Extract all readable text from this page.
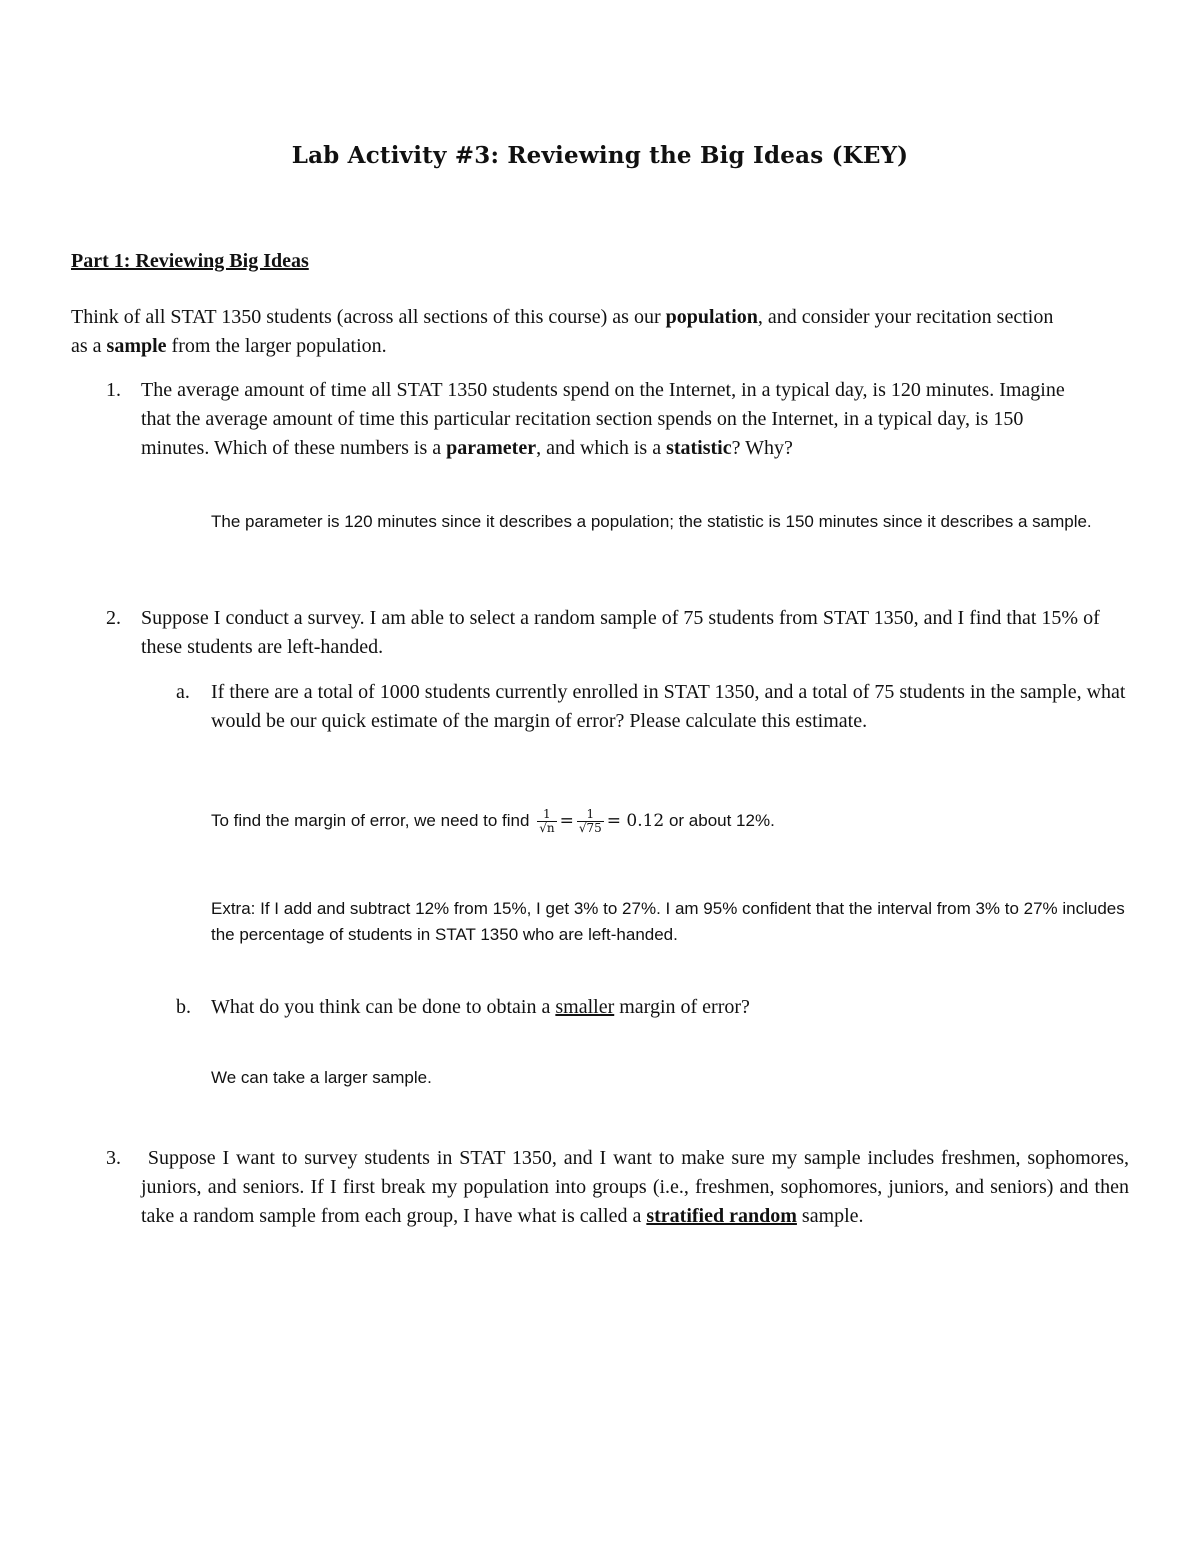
Lab Activity #3: Reviewing the Big Ideas (KEY)
Part 1: Reviewing Big Ideas
Think of all STAT 1350 students (across all sections of this course) as our population, and consider your recitation section as a sample from the larger population.
1. The average amount of time all STAT 1350 students spend on the Internet, in a typical day, is 120 minutes. Imagine that the average amount of time this particular recitation section spends on the Internet, in a typical day, is 150 minutes. Which of these numbers is a parameter, and which is a statistic? Why?
The parameter is 120 minutes since it describes a population; the statistic is 150 minutes since it describes a sample.
2. Suppose I conduct a survey. I am able to select a random sample of 75 students from STAT 1350, and I find that 15% of these students are left-handed.
a. If there are a total of 1000 students currently enrolled in STAT 1350, and a total of 75 students in the sample, what would be our quick estimate of the margin of error? Please calculate this estimate.
To find the margin of error, we need to find $\frac{1}{√n} = \frac{1}{√75} = 0.12$ or about 12%.
Extra: If I add and subtract 12% from 15%, I get 3% to 27%. I am 95% confident that the interval from 3% to 27% includes the percentage of students in STAT 1350 who are left-handed.
b. What do you think can be done to obtain a smaller margin of error?
We can take a larger sample.
3.	Suppose I want to survey students in STAT 1350, and I want to make sure my sample includes freshmen, sophomores, juniors, and seniors. If I first break my population into groups (i.e., freshmen, sophomores, juniors, and seniors) and then take a random sample from each group, I have what is called a stratified random sample.
